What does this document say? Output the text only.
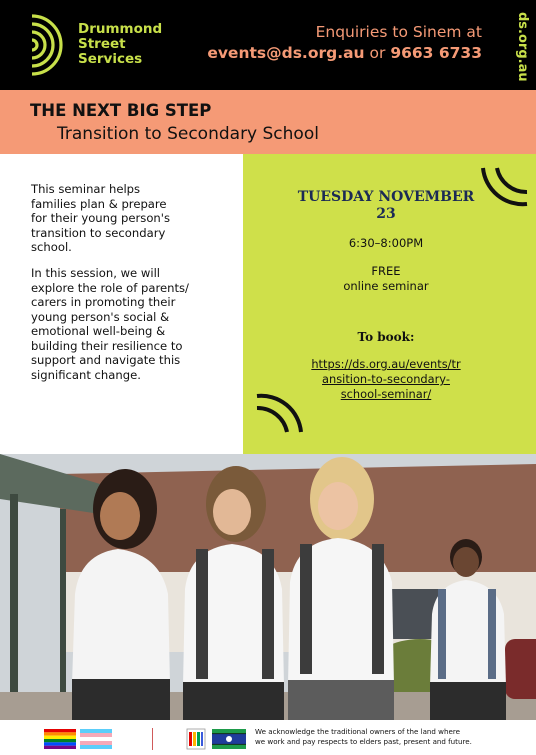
Drummond
Street
Services
Enquiries to Sinem at
events@ds.org.au or 9663 6733	ds.org.au
THE NEXT BIG STEP
Transition to Secondary School
This seminar helps
families plan & prepare
for their young person's
transition to secondary
school.
In this session, we will
explore the role of parents/
carers in promoting their
young person's social &
emotional well-being &
building their resilience to
support and navigate this
significant change.
TUESDAY NOVEMBER
23
6:30–8:00PM
FREE
online seminar
To book:
https://ds.org.au/events/tr
ansition-to-secondary-
school-seminar/
We acknowledge the traditional owners of the land where
we work and pay respects to elders past, present and future.
